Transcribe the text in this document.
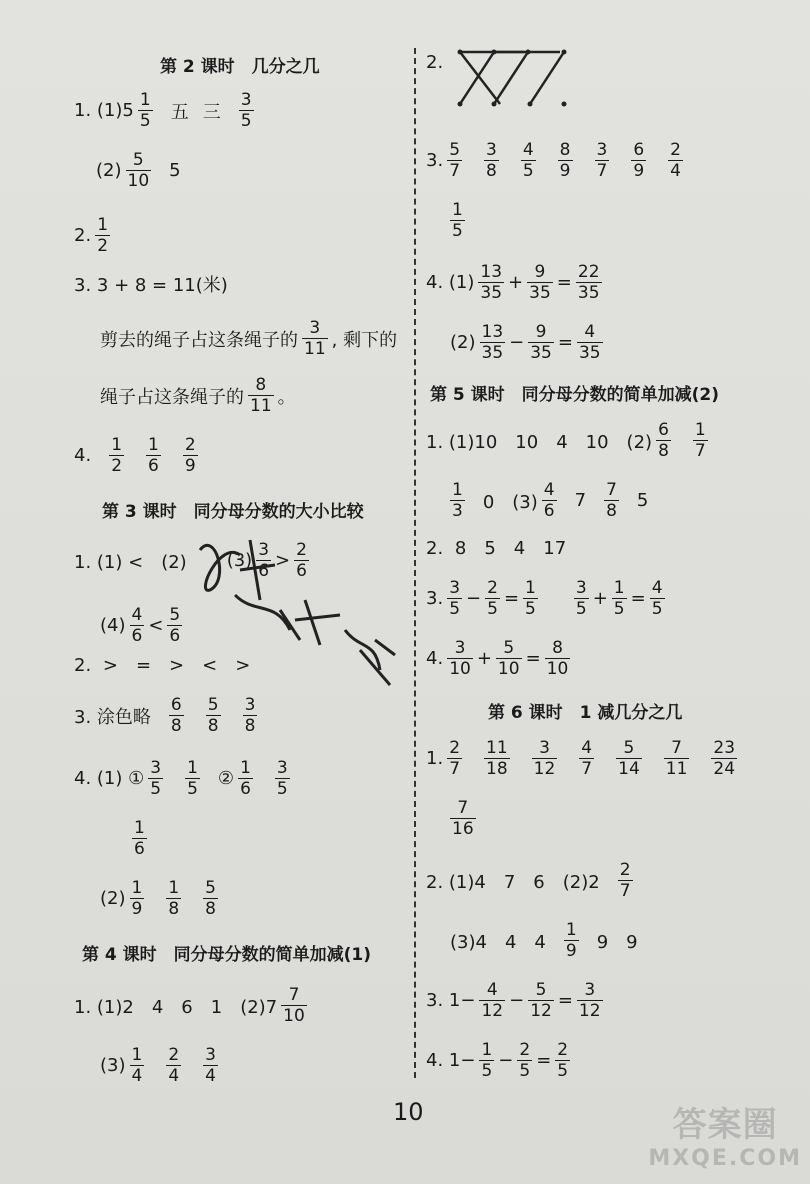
第 2 课时　几分之几
1. (1)5 1
5 五 三
3
5
(2) 5
10 5
2. 1
2
3. 3 + 8 = 11(米)
剪去的绳子占这条绳子的
3
11 , 剩下的
绳子占这条绳子的
8
11 。
4. 1
2
1
6
2
9
第 3 课时　同分母分数的大小比较
1. (1) <　(2) (3) 3
6 > 2
6
(4) 4
6 < 5
6
2. >　=　>　<　>
3. 涂色略
6
8
5
8
3
8
4. (1) ① 3
5
1
5 ② 1
6
3
5
1
6
(2) 1
9
1
8
5
8
第 4 课时　同分母分数的简单加减(1)
1. (1)2　4　6　1　(2)7
7
10
(3) 1
4
2
4
3
4
2.
3. 5
7
3
8
4
5
8
9
3
7
6
9
2
4
1
5
4. (1) 13
$35 + \frac{9}{35} = \frac{22}{35}$
(2) 13
$35 - \frac{9}{35} = \frac{4}{35}$
第 5 课时　同分母分数的简单加减(2)
1. (1)10　10　4　10　(2)
6
8
1
7
1
3 0　(3)
4
6 7 7
8 5
2. 8　5　4　17
3. 3
$5 - \frac{2}{5} = \frac{1}{5} 3$
$5 + \frac{1}{5} = \frac{4}{5}$
4. 3
$10 + \frac{5}{10} = \frac{8}{10}$
第 6 课时　1 减几分之几
1. 2
7
11
18
3
12
4
7
5
14
7
11
23
24
7
16
2. (1)4　7　6　(2)2
2
7
(3)4　4　4
1
9 9　9
3. $1 - \frac{4}{12} - \frac{5}{12} = \frac{3}{12}$
4. $1 - \frac{1}{5} - \frac{2}{5} = \frac{2}{5}$
10	答案圈
MXQE.COM
